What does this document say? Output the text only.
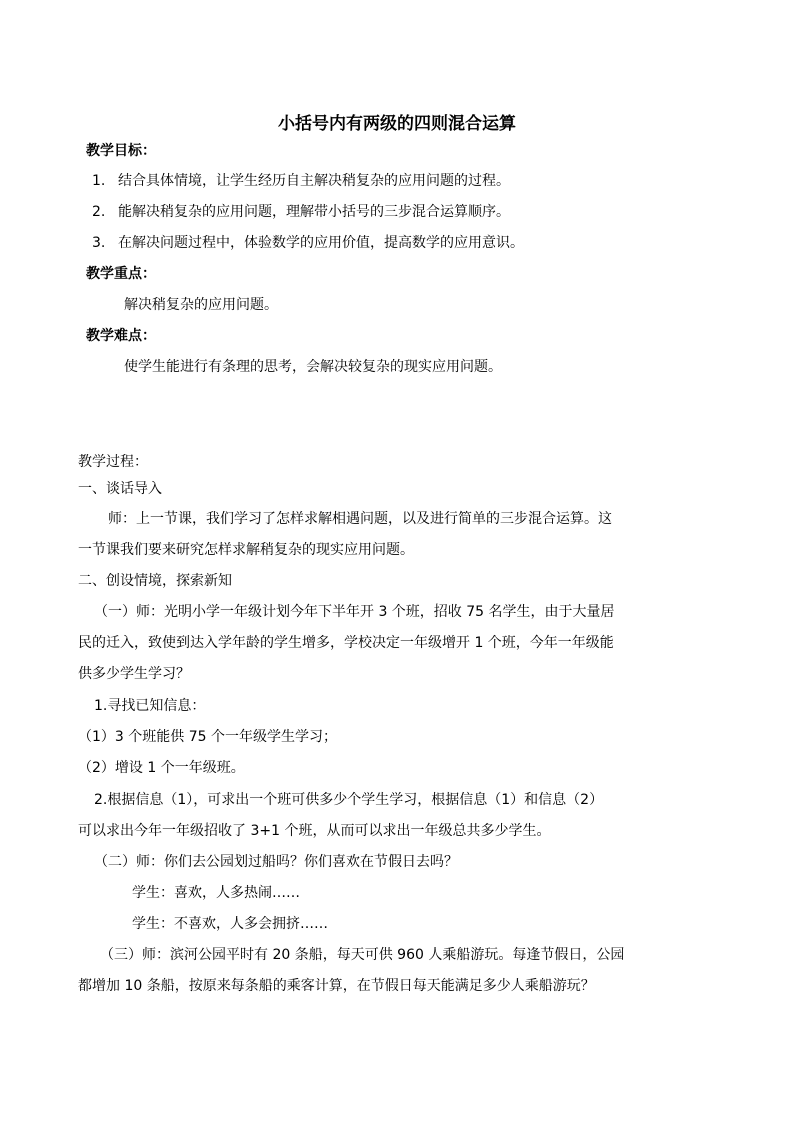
小括号内有两级的四则混合运算
教学目标：
1. 结合具体情境，让学生经历自主解决稍复杂的应用问题的过程。
2. 能解决稍复杂的应用问题，理解带小括号的三步混合运算顺序。
3. 在解决问题过程中，体验数学的应用价值，提高数学的应用意识。
教学重点：
解决稍复杂的应用问题。
教学难点：
使学生能进行有条理的思考，会解决较复杂的现实应用问题。
教学过程：
一、谈话导入
师：上一节课，我们学习了怎样求解相遇问题，以及进行简单的三步混合运算。这
一节课我们要来研究怎样求解稍复杂的现实应用问题。
二、创设情境，探索新知
（一）师：光明小学一年级计划今年下半年开 3 个班，招收 75 名学生，由于大量居
民的迁入，致使到达入学年龄的学生增多，学校决定一年级增开 1 个班，今年一年级能
供多少学生学习？
1.寻找已知信息：
（1）3 个班能供 75 个一年级学生学习；
（2）增设 1 个一年级班。
2.根据信息（1），可求出一个班可供多少个学生学习，根据信息（1）和信息（2）
可以求出今年一年级招收了 3+1 个班，从而可以求出一年级总共多少学生。
（二）师：你们去公园划过船吗？你们喜欢在节假日去吗？
学生：喜欢，人多热闹……
学生：不喜欢，人多会拥挤……
（三）师：滨河公园平时有 20 条船，每天可供 960 人乘船游玩。每逢节假日，公园
都增加 10 条船，按原来每条船的乘客计算，在节假日每天能满足多少人乘船游玩？
